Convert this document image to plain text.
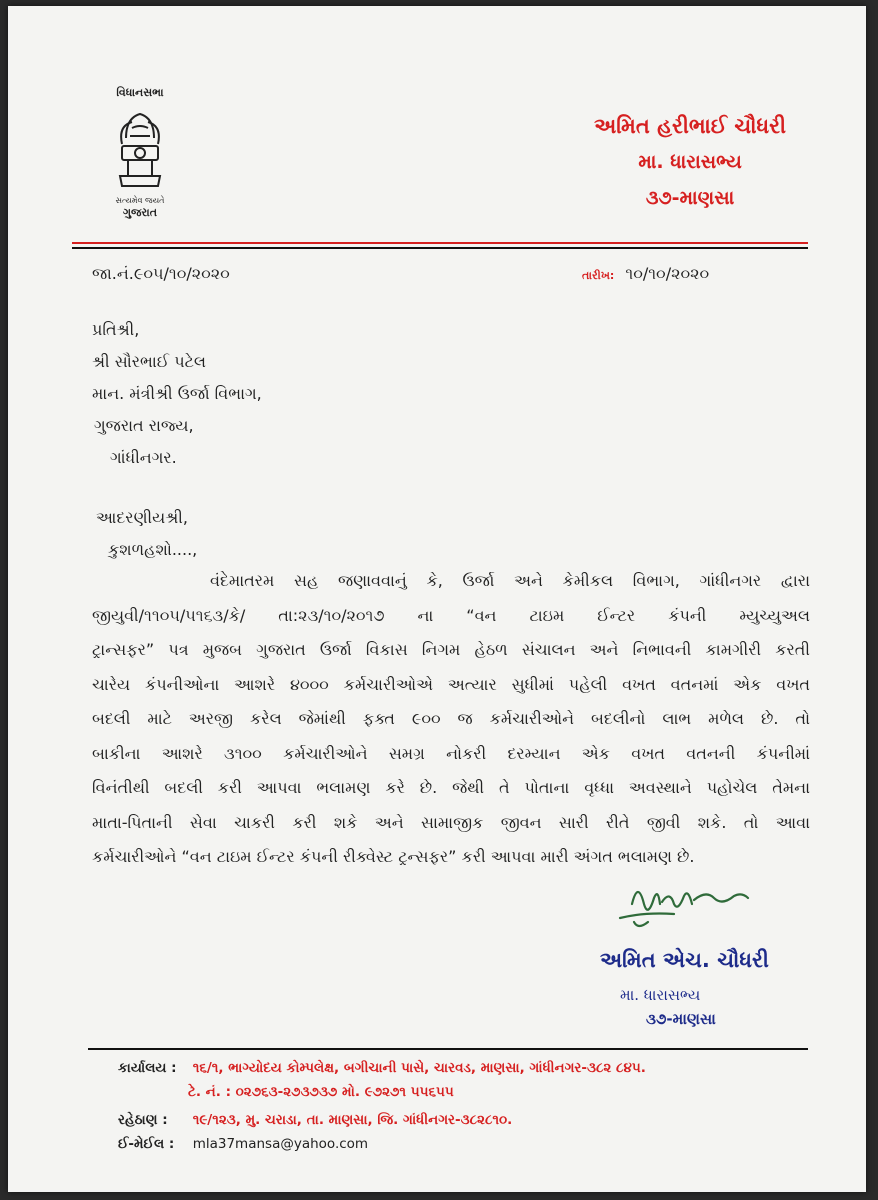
વિધાનસભા
સત્યમેવ જયતે
ગુજરાત
અમિત હરીભાઈ ચૌધરી
મા. ધારાસભ્ય
૩૭-માણસા
જા.નં.૯૦૫/૧૦/૨૦૨૦	તારીખ: ૧૦/૧૦/૨૦૨૦
પ્રતિશ્રી,
શ્રી સૌરભાઈ પટેલ
માન. મંત્રીશ્રી ઉર્જા વિભાગ,
ગુજરાત રાજ્ય,
ગાંધીનગર.
આદરણીયશ્રી,
કુશળહશો....,
વંદેમાતરમ સહ જણાવવાનું કે, ઉર્જા અને કેમીકલ વિભાગ, ગાંધીનગર દ્વારા
જીયુવી/૧૧૦૫/૫૧૬૩/કે/ તા:૨૩/૧૦/૨૦૧૭ ના “વન ટાઇમ ઈન્ટર કંપની મ્યુચ્યુઅલ
ટ્રાન્સફર” પત્ર મુજબ ગુજરાત ઉર્જા વિકાસ નિગમ હેઠળ સંચાલન અને નિભાવની કામગીરી કરતી
ચારેય કંપનીઓના આશરે ૪૦૦૦ કર્મચારીઓએ અત્યાર સુધીમાં પહેલી વખત વતનમાં એક વખત
બદલી માટે અરજી કરેલ જેમાંથી ફક્ત ૯૦૦ જ કર્મચારીઓને બદલીનો લાભ મળેલ છે. તો
બાકીના આશરે ૩૧૦૦ કર્મચારીઓને સમગ્ર નોકરી દરમ્યાન એક વખત વતનની કંપનીમાં
વિનંતીથી બદલી કરી આપવા ભલામણ કરે છે. જેથી તે પોતાના વૃધ્ધા અવસ્થાને પહોચેલ તેમના
માતા-પિતાની સેવા ચાકરી કરી શકે અને સામાજીક જીવન સારી રીતે જીવી શકે. તો આવા
કર્મચારીઓને “વન ટાઇમ ઈન્ટર કંપની રીક્વેસ્ટ ટ્રન્સફર” કરી આપવા મારી અંગત ભલામણ છે.
અમિત એચ. ચૌધરી
મા. ધારાસભ્ય
૩૭-માણસા
કાર્યાલય : ૧૬/૧, ભાગ્યોદય કોમ્પલેક્ષ, બગીચાની પાસે, ચારવડ, માણસા, ગાંધીનગર-૩૮૨ ૮૪૫.
ટે. નં. : ૦૨૭૬૩-૨૭૩૭૩૭ મો. ૯૭૨૭૧ ૫૫૬૫૫
રહેઠાણ : ૧૯/૧૨૩, મુ. ચરાડા, તા. માણસા, જિ. ગાંધીનગર-૩૮૨૮૧૦.
ઈ-મેઈલ : mla37mansa@yahoo.com
